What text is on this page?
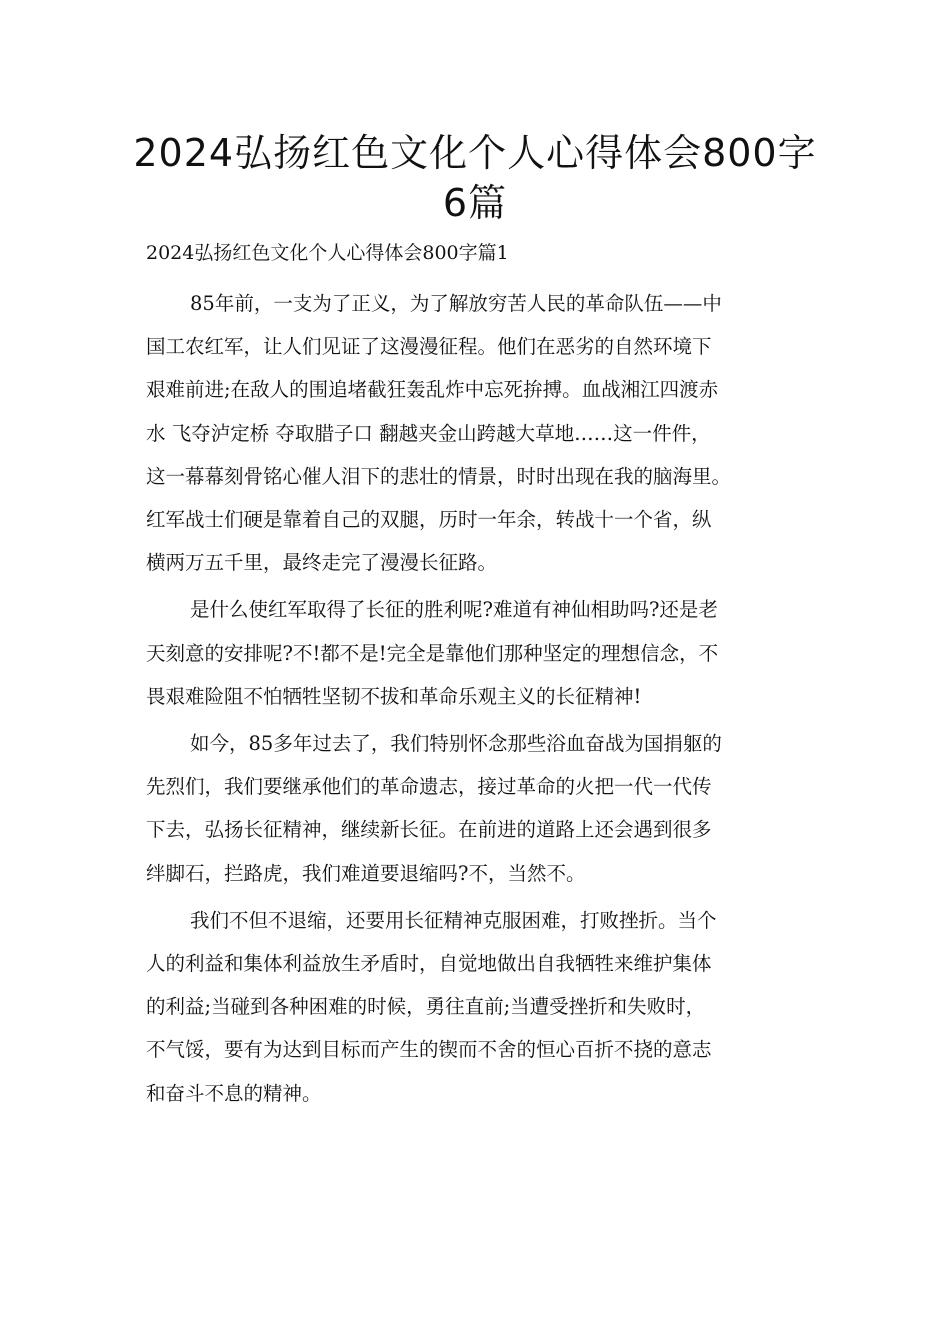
2024弘扬红色文化个人心得体会800字
6篇

2024弘扬红色文化个人心得体会800字篇1

85年前，一支为了正义，为了解放穷苦人民的革命队伍——中
国工农红军，让人们见证了这漫漫征程。他们在恶劣的自然环境下
艰难前进;在敌人的围追堵截狂轰乱炸中忘死拚搏。血战湘江四渡赤
水 飞夺泸定桥 夺取腊子口 翻越夹金山跨越大草地……这一件件，
这一幕幕刻骨铭心催人泪下的悲壮的情景，时时出现在我的脑海里。
红军战士们硬是靠着自己的双腿，历时一年余，转战十一个省，纵
横两万五千里，最终走完了漫漫长征路。

是什么使红军取得了长征的胜利呢?难道有神仙相助吗?还是老
天刻意的安排呢?不!都不是!完全是靠他们那种坚定的理想信念，不
畏艰难险阻不怕牺牲坚韧不拔和革命乐观主义的长征精神!

如今，85多年过去了，我们特别怀念那些浴血奋战为国捐躯的
先烈们，我们要继承他们的革命遗志，接过革命的火把一代一代传
下去，弘扬长征精神，继续新长征。在前进的道路上还会遇到很多
绊脚石，拦路虎，我们难道要退缩吗?不，当然不。

我们不但不退缩，还要用长征精神克服困难，打败挫折。当个
人的利益和集体利益放生矛盾时，自觉地做出自我牺牲来维护集体
的利益;当碰到各种困难的时候，勇往直前;当遭受挫折和失败时，
不气馁，要有为达到目标而产生的锲而不舍的恒心百折不挠的意志
和奋斗不息的精神。
